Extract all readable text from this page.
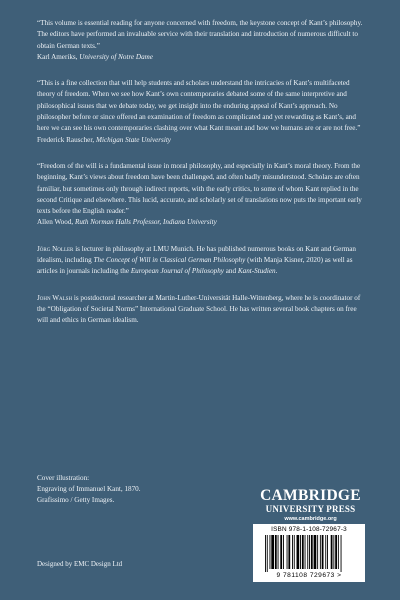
“This volume is essential reading for anyone concerned with freedom, the keystone concept of Kant’s philosophy. The editors have performed an invaluable service with their translation and introduction of numerous difficult to obtain German texts.”
Karl Ameriks, University of Notre Dame

“This is a fine collection that will help students and scholars understand the intricacies of Kant’s multifaceted theory of freedom. When we see how Kant’s own contemporaries debated some of the same interpretive and philosophical issues that we debate today, we get insight into the enduring appeal of Kant’s approach. No philosopher before or since offered an examination of freedom as complicated and yet rewarding as Kant’s, and here we can see his own contemporaries clashing over what Kant meant and how we humans are or are not free.”
Frederick Rauscher, Michigan State University

“Freedom of the will is a fundamental issue in moral philosophy, and especially in Kant’s moral theory. From the beginning, Kant’s views about freedom have been challenged, and often badly misunderstood. Scholars are often familiar, but sometimes only through indirect reports, with the early critics, to some of whom Kant replied in the second Critique and elsewhere. This lucid, accurate, and scholarly set of translations now puts the important early texts before the English reader.”
Allen Wood, Ruth Norman Halls Professor, Indiana University

Jörg Noller is lecturer in philosophy at LMU Munich. He has published numerous books on Kant and German idealism, including The Concept of Will in Classical German Philosophy (with Manja Kisner, 2020) as well as articles in journals including the European Journal of Philosophy and Kant-Studien.

John Walsh is postdoctoral researcher at Martin-Luther-Universität Halle-Wittenberg, where he is coordinator of the “Obligation of Societal Norms” International Graduate School. He has written several book chapters on free will and ethics in German idealism.

Cover illustration:
Engraving of Immanuel Kant, 1870.
Grafissimo / Getty Images.
Designed by EMC Design Ltd
CAMBRIDGE
UNIVERSITY PRESS
www.cambridge.org
ISBN 978-1-108-72967-3
9 781108 729673 >
